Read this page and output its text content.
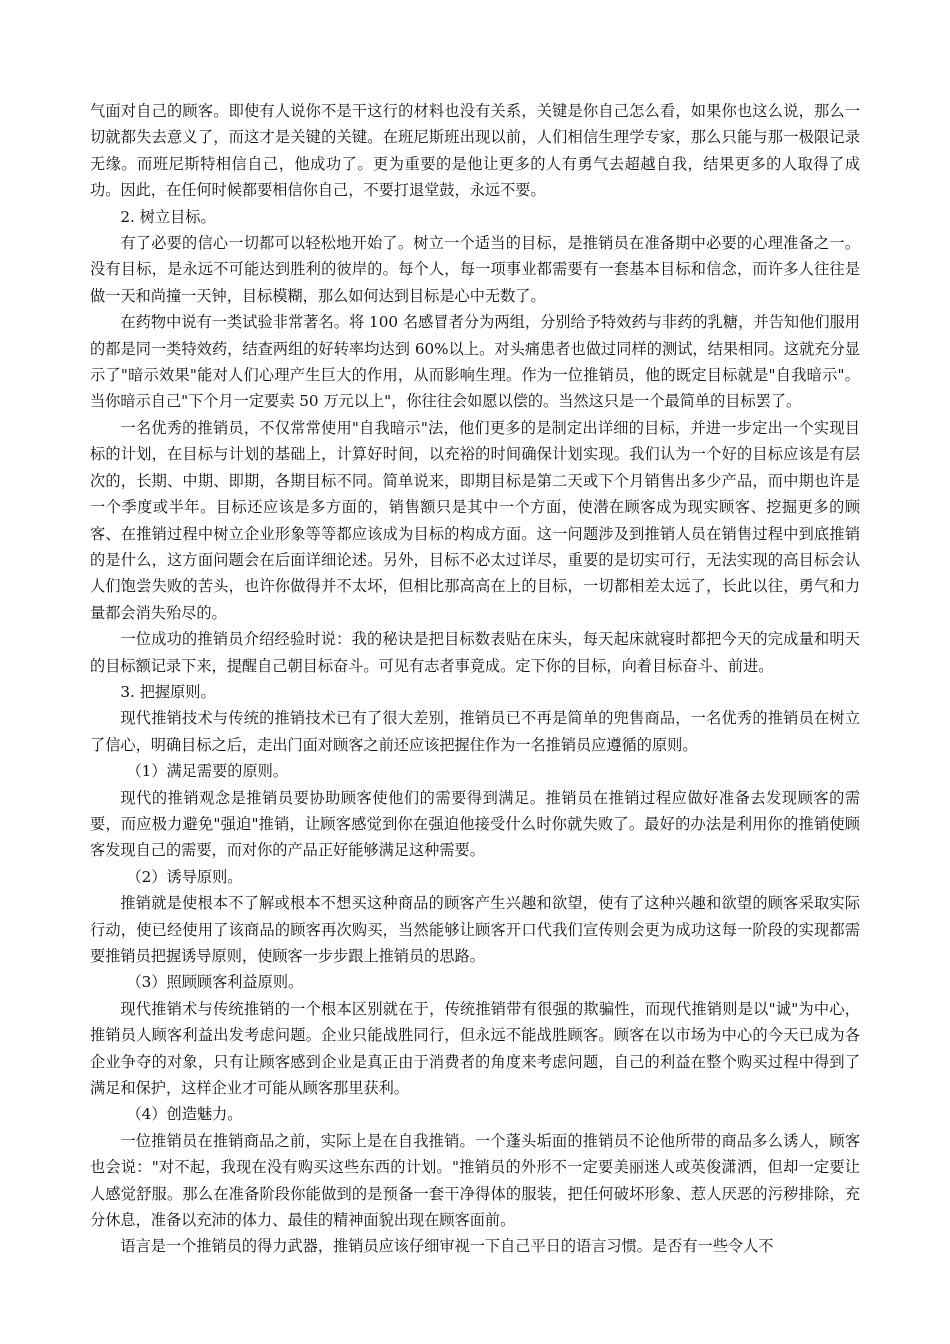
气面对自己的顾客。即使有人说你不是干这行的材料也没有关系，关键是你自己怎么看，如果你也这么说，那么一切就都失去意义了，而这才是关键的关键。在班尼斯班出现以前，人们相信生理学专家，那么只能与那一极限记录无缘。而班尼斯特相信自己，他成功了。更为重要的是他让更多的人有勇气去超越自我，结果更多的人取得了成功。因此，在任何时候都要相信你自己，不要打退堂鼓，永远不要。

2. 树立目标。

有了必要的信心一切都可以轻松地开始了。树立一个适当的目标，是推销员在准备期中必要的心理准备之一。没有目标，是永远不可能达到胜利的彼岸的。每个人，每一项事业都需要有一套基本目标和信念，而许多人往往是做一天和尚撞一天钟，目标模糊，那么如何达到目标是心中无数了。

在药物中说有一类试验非常著名。将 100 名感冒者分为两组，分别给予特效药与非药的乳糖，并告知他们服用的都是同一类特效药，结查两组的好转率均达到 60%以上。对头痛患者也做过同样的测试，结果相同。这就充分显示了"暗示效果"能对人们心理产生巨大的作用，从而影响生理。作为一位推销员，他的既定目标就是"自我暗示"。当你暗示自己"下个月一定要卖 50 万元以上"，你往往会如愿以偿的。当然这只是一个最简单的目标罢了。

一名优秀的推销员，不仅常常使用"自我暗示"法，他们更多的是制定出详细的目标，并进一步定出一个实现目标的计划，在目标与计划的基础上，计算好时间，以充裕的时间确保计划实现。我们认为一个好的目标应该是有层次的，长期、中期、即期，各期目标不同。简单说来，即期目标是第二天或下个月销售出多少产品，而中期也许是一个季度或半年。目标还应该是多方面的，销售额只是其中一个方面，使潜在顾客成为现实顾客、挖掘更多的顾客、在推销过程中树立企业形象等等都应该成为目标的构成方面。这一问题涉及到推销人员在销售过程中到底推销的是什么，这方面问题会在后面详细论述。另外，目标不必太过详尽，重要的是切实可行，无法实现的高目标会认人们饱尝失败的苦头，也许你做得并不太坏，但相比那高高在上的目标，一切都相差太远了，长此以往，勇气和力量都会消失殆尽的。

一位成功的推销员介绍经验时说：我的秘诀是把目标数表贴在床头，每天起床就寝时都把今天的完成量和明天的目标额记录下来，提醒自己朝目标奋斗。可见有志者事竟成。定下你的目标，向着目标奋斗、前进。

3. 把握原则。

现代推销技术与传统的推销技术已有了很大差别，推销员已不再是简单的兜售商品，一名优秀的推销员在树立了信心，明确目标之后，走出门面对顾客之前还应该把握住作为一名推销员应遵循的原则。

（1）满足需要的原则。

现代的推销观念是推销员要协助顾客使他们的需要得到满足。推销员在推销过程应做好准备去发现顾客的需要，而应极力避免"强迫"推销，让顾客感觉到你在强迫他接受什么时你就失败了。最好的办法是利用你的推销使顾客发现自己的需要，而对你的产品正好能够满足这种需要。

（2）诱导原则。

推销就是使根本不了解或根本不想买这种商品的顾客产生兴趣和欲望，使有了这种兴趣和欲望的顾客采取实际行动，使已经使用了该商品的顾客再次购买，当然能够让顾客开口代我们宣传则会更为成功这每一阶段的实现都需要推销员把握诱导原则，使顾客一步步跟上推销员的思路。

（3）照顾顾客利益原则。

现代推销术与传统推销的一个根本区别就在于，传统推销带有很强的欺骗性，而现代推销则是以"诚"为中心，推销员人顾客利益出发考虑问题。企业只能战胜同行，但永远不能战胜顾客。顾客在以市场为中心的今天已成为各企业争夺的对象，只有让顾客感到企业是真正由于消费者的角度来考虑问题，自己的利益在整个购买过程中得到了满足和保护，这样企业才可能从顾客那里获利。

（4）创造魅力。

一位推销员在推销商品之前，实际上是在自我推销。一个蓬头垢面的推销员不论他所带的商品多么诱人，顾客也会说："对不起，我现在没有购买这些东西的计划。"推销员的外形不一定要美丽迷人或英俊潇洒，但却一定要让人感觉舒服。那么在准备阶段你能做到的是预备一套干净得体的服装，把任何破坏形象、惹人厌恶的污秽排除，充分休息，准备以充沛的体力、最佳的精神面貌出现在顾客面前。

语言是一个推销员的得力武器，推销员应该仔细审视一下自己平日的语言习惯。是否有一些令人不
